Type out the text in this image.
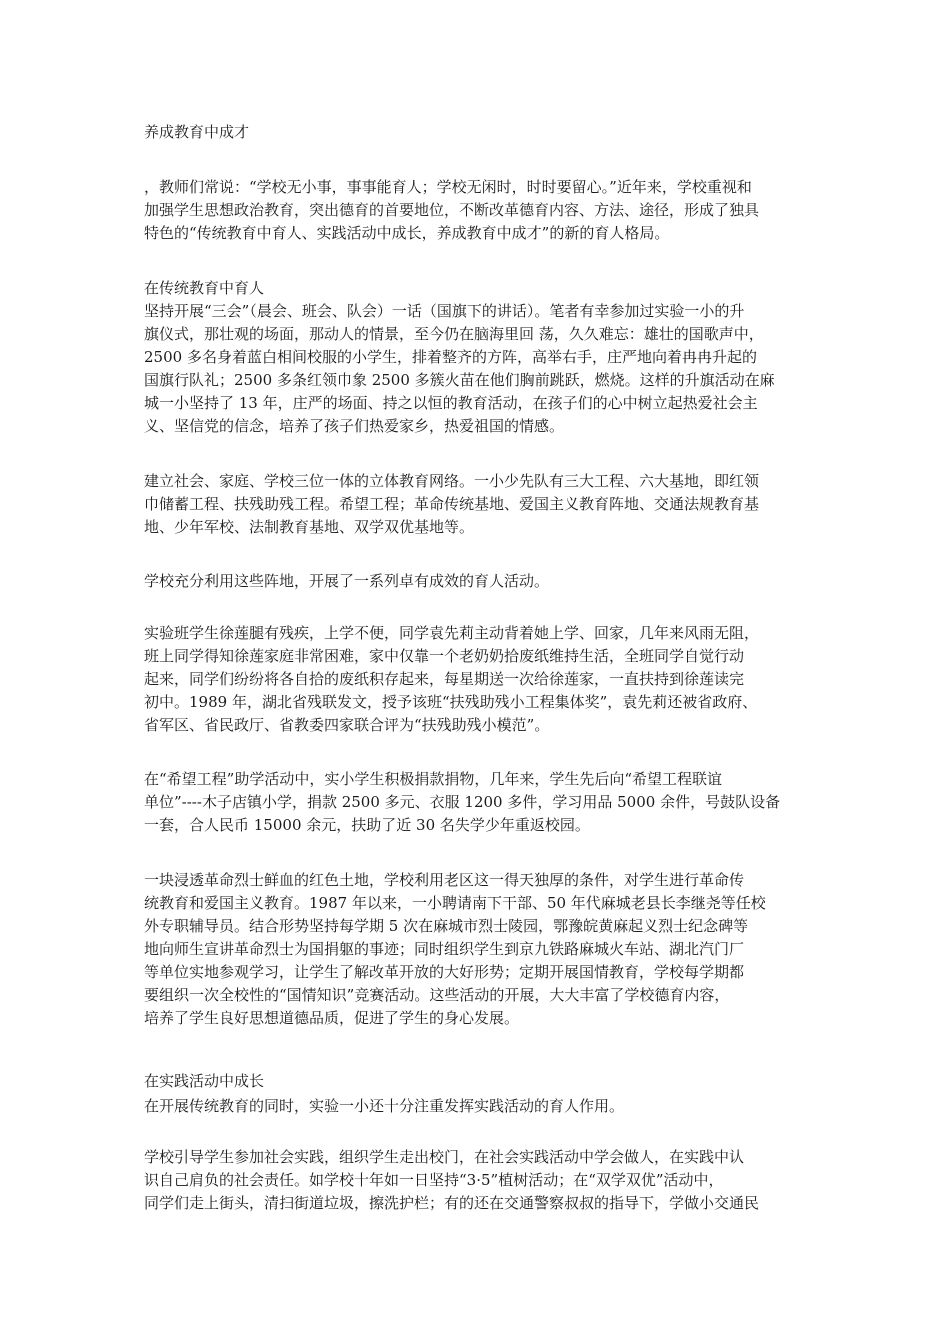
养成教育中成才
，教师们常说：“学校无小事，事事能育人；学校无闲时，时时要留心。”近年来，学校重视和
加强学生思想政治教育，突出德育的首要地位，不断改革德育内容、方法、途径，形成了独具
特色的“传统教育中育人、实践活动中成长，养成教育中成才”的新的育人格局。
在传统教育中育人
坚持开展“三会”（晨会、班会、队会）一话（国旗下的讲话）。笔者有幸参加过实验一小的升
旗仪式，那壮观的场面，那动人的情景，至今仍在脑海里回 荡，久久难忘：雄壮的国歌声中，
2500 多名身着蓝白相间校服的小学生，排着整齐的方阵，高举右手，庄严地向着冉冉升起的
国旗行队礼；2500 多条红领巾象 2500 多簇火苗在他们胸前跳跃，燃烧。这样的升旗活动在麻
城一小坚持了 13 年，庄严的场面、持之以恒的教育活动，在孩子们的心中树立起热爱社会主
义、坚信党的信念，培养了孩子们热爱家乡，热爱祖国的情感。
建立社会、家庭、学校三位一体的立体教育网络。一小少先队有三大工程、六大基地，即红领
巾储蓄工程、扶残助残工程。希望工程；革命传统基地、爱国主义教育阵地、交通法规教育基
地、少年军校、法制教育基地、双学双优基地等。
学校充分利用这些阵地，开展了一系列卓有成效的育人活动。
实验班学生徐莲腿有残疾，上学不便，同学袁先莉主动背着她上学、回家，几年来风雨无阻，
班上同学得知徐莲家庭非常困难，家中仅靠一个老奶奶拾废纸维持生活，全班同学自觉行动
起来，同学们纷纷将各自拾的废纸积存起来，每星期送一次给徐莲家，一直扶持到徐莲读完
初中。1989 年，湖北省残联发文，授予该班“扶残助残小工程集体奖”，袁先莉还被省政府、
省军区、省民政厅、省教委四家联合评为“扶残助残小模范”。
在“希望工程”助学活动中，实小学生积极捐款捐物，几年来，学生先后向“希望工程联谊
单位”----木子店镇小学，捐款 2500 多元、衣服 1200 多件，学习用品 5000 余件，号鼓队设备
一套，合人民币 15000 余元，扶助了近 30 名失学少年重返校园。
一块浸透革命烈士鲜血的红色土地，学校利用老区这一得天独厚的条件，对学生进行革命传
统教育和爱国主义教育。1987 年以来，一小聘请南下干部、50 年代麻城老县长李继尧等任校
外专职辅导员。结合形势坚持每学期 5 次在麻城市烈士陵园，鄂豫皖黄麻起义烈士纪念碑等
地向师生宣讲革命烈士为国捐躯的事迹；同时组织学生到京九铁路麻城火车站、湖北汽门厂
等单位实地参观学习，让学生了解改革开放的大好形势；定期开展国情教育，学校每学期都
要组织一次全校性的“国情知识”竞赛活动。这些活动的开展，大大丰富了学校德育内容，
培养了学生良好思想道德品质，促进了学生的身心发展。
在实践活动中成长
在开展传统教育的同时，实验一小还十分注重发挥实践活动的育人作用。
学校引导学生参加社会实践，组织学生走出校门，在社会实践活动中学会做人，在实践中认
识自己肩负的社会责任。如学校十年如一日坚持“3·5”植树活动；在“双学双优”活动中，
同学们走上街头，清扫街道垃圾，擦洗护栏；有的还在交通警察叔叔的指导下，学做小交通民
